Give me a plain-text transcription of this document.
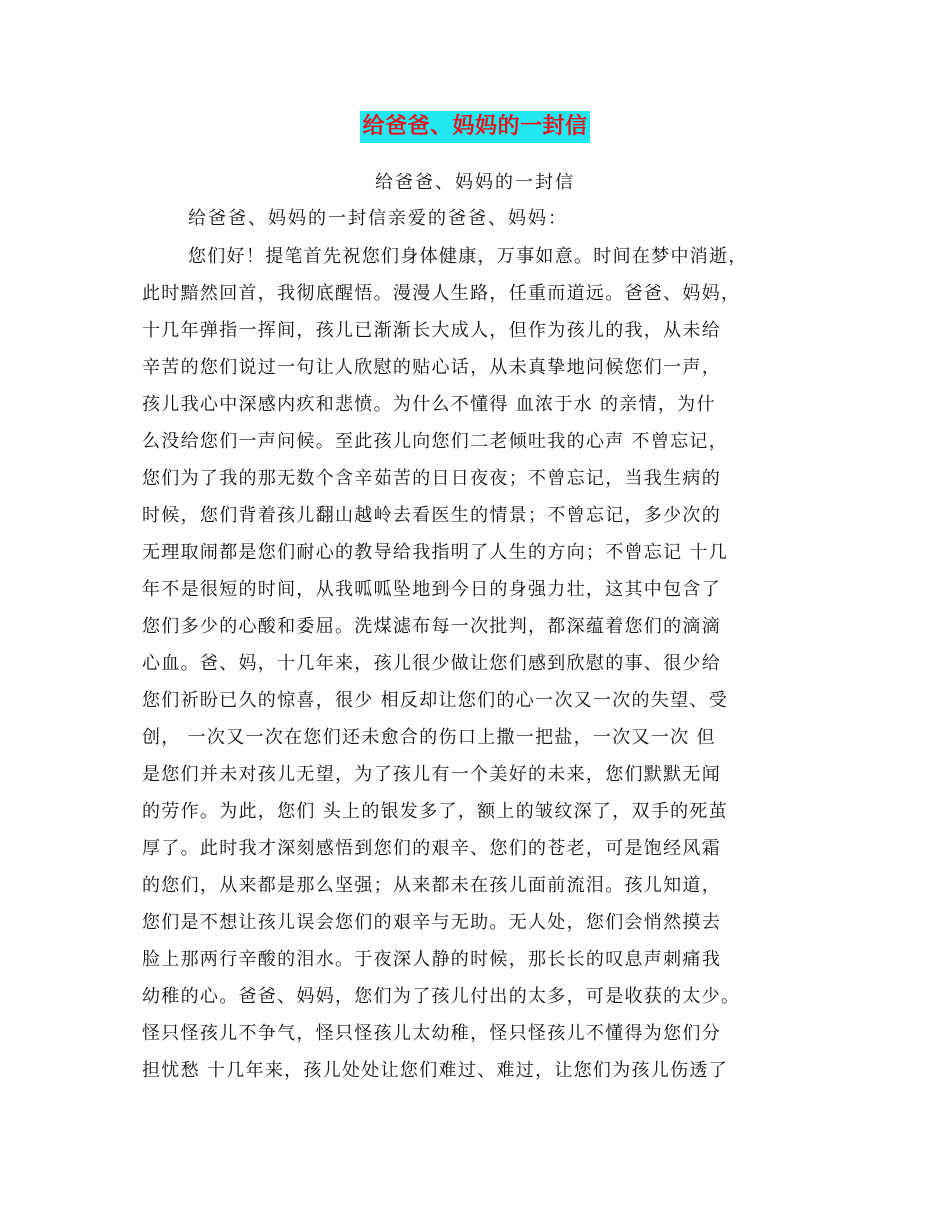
给爸爸、妈妈的一封信
给爸爸、妈妈的一封信
给爸爸、妈妈的一封信亲爱的爸爸、妈妈：
您们好！提笔首先祝您们身体健康，万事如意。时间在梦中消逝，
此时黯然回首，我彻底醒悟。漫漫人生路，任重而道远。爸爸、妈妈，
十几年弹指一挥间，孩儿已渐渐长大成人，但作为孩儿的我，从未给
辛苦的您们说过一句让人欣慰的贴心话，从未真挚地问候您们一声，
孩儿我心中深感内疚和悲愤。为什么不懂得 血浓于水 的亲情，为什
么没给您们一声问候。至此孩儿向您们二老倾吐我的心声 不曾忘记，
您们为了我的那无数个含辛茹苦的日日夜夜；不曾忘记，当我生病的
时候，您们背着孩儿翻山越岭去看医生的情景；不曾忘记，多少次的
无理取闹都是您们耐心的教导给我指明了人生的方向；不曾忘记 十几
年不是很短的时间，从我呱呱坠地到今日的身强力壮，这其中包含了
您们多少的心酸和委屈。洗煤滤布每一次批判，都深蕴着您们的滴滴
心血。爸、妈，十几年来，孩儿很少做让您们感到欣慰的事、很少给
您们祈盼已久的惊喜，很少 相反却让您们的心一次又一次的失望、受
创， 一次又一次在您们还未愈合的伤口上撒一把盐，一次又一次 但
是您们并未对孩儿无望，为了孩儿有一个美好的未来，您们默默无闻
的劳作。为此，您们 头上的银发多了，额上的皱纹深了，双手的死茧
厚了。此时我才深刻感悟到您们的艰辛、您们的苍老，可是饱经风霜
的您们，从来都是那么坚强；从来都未在孩儿面前流泪。孩儿知道，
您们是不想让孩儿误会您们的艰辛与无助。无人处，您们会悄然摸去
脸上那两行辛酸的泪水。于夜深人静的时候，那长长的叹息声刺痛我
幼稚的心。爸爸、妈妈，您们为了孩儿付出的太多，可是收获的太少。
怪只怪孩儿不争气，怪只怪孩儿太幼稚，怪只怪孩儿不懂得为您们分
担忧愁 十几年来，孩儿处处让您们难过、难过，让您们为孩儿伤透了
